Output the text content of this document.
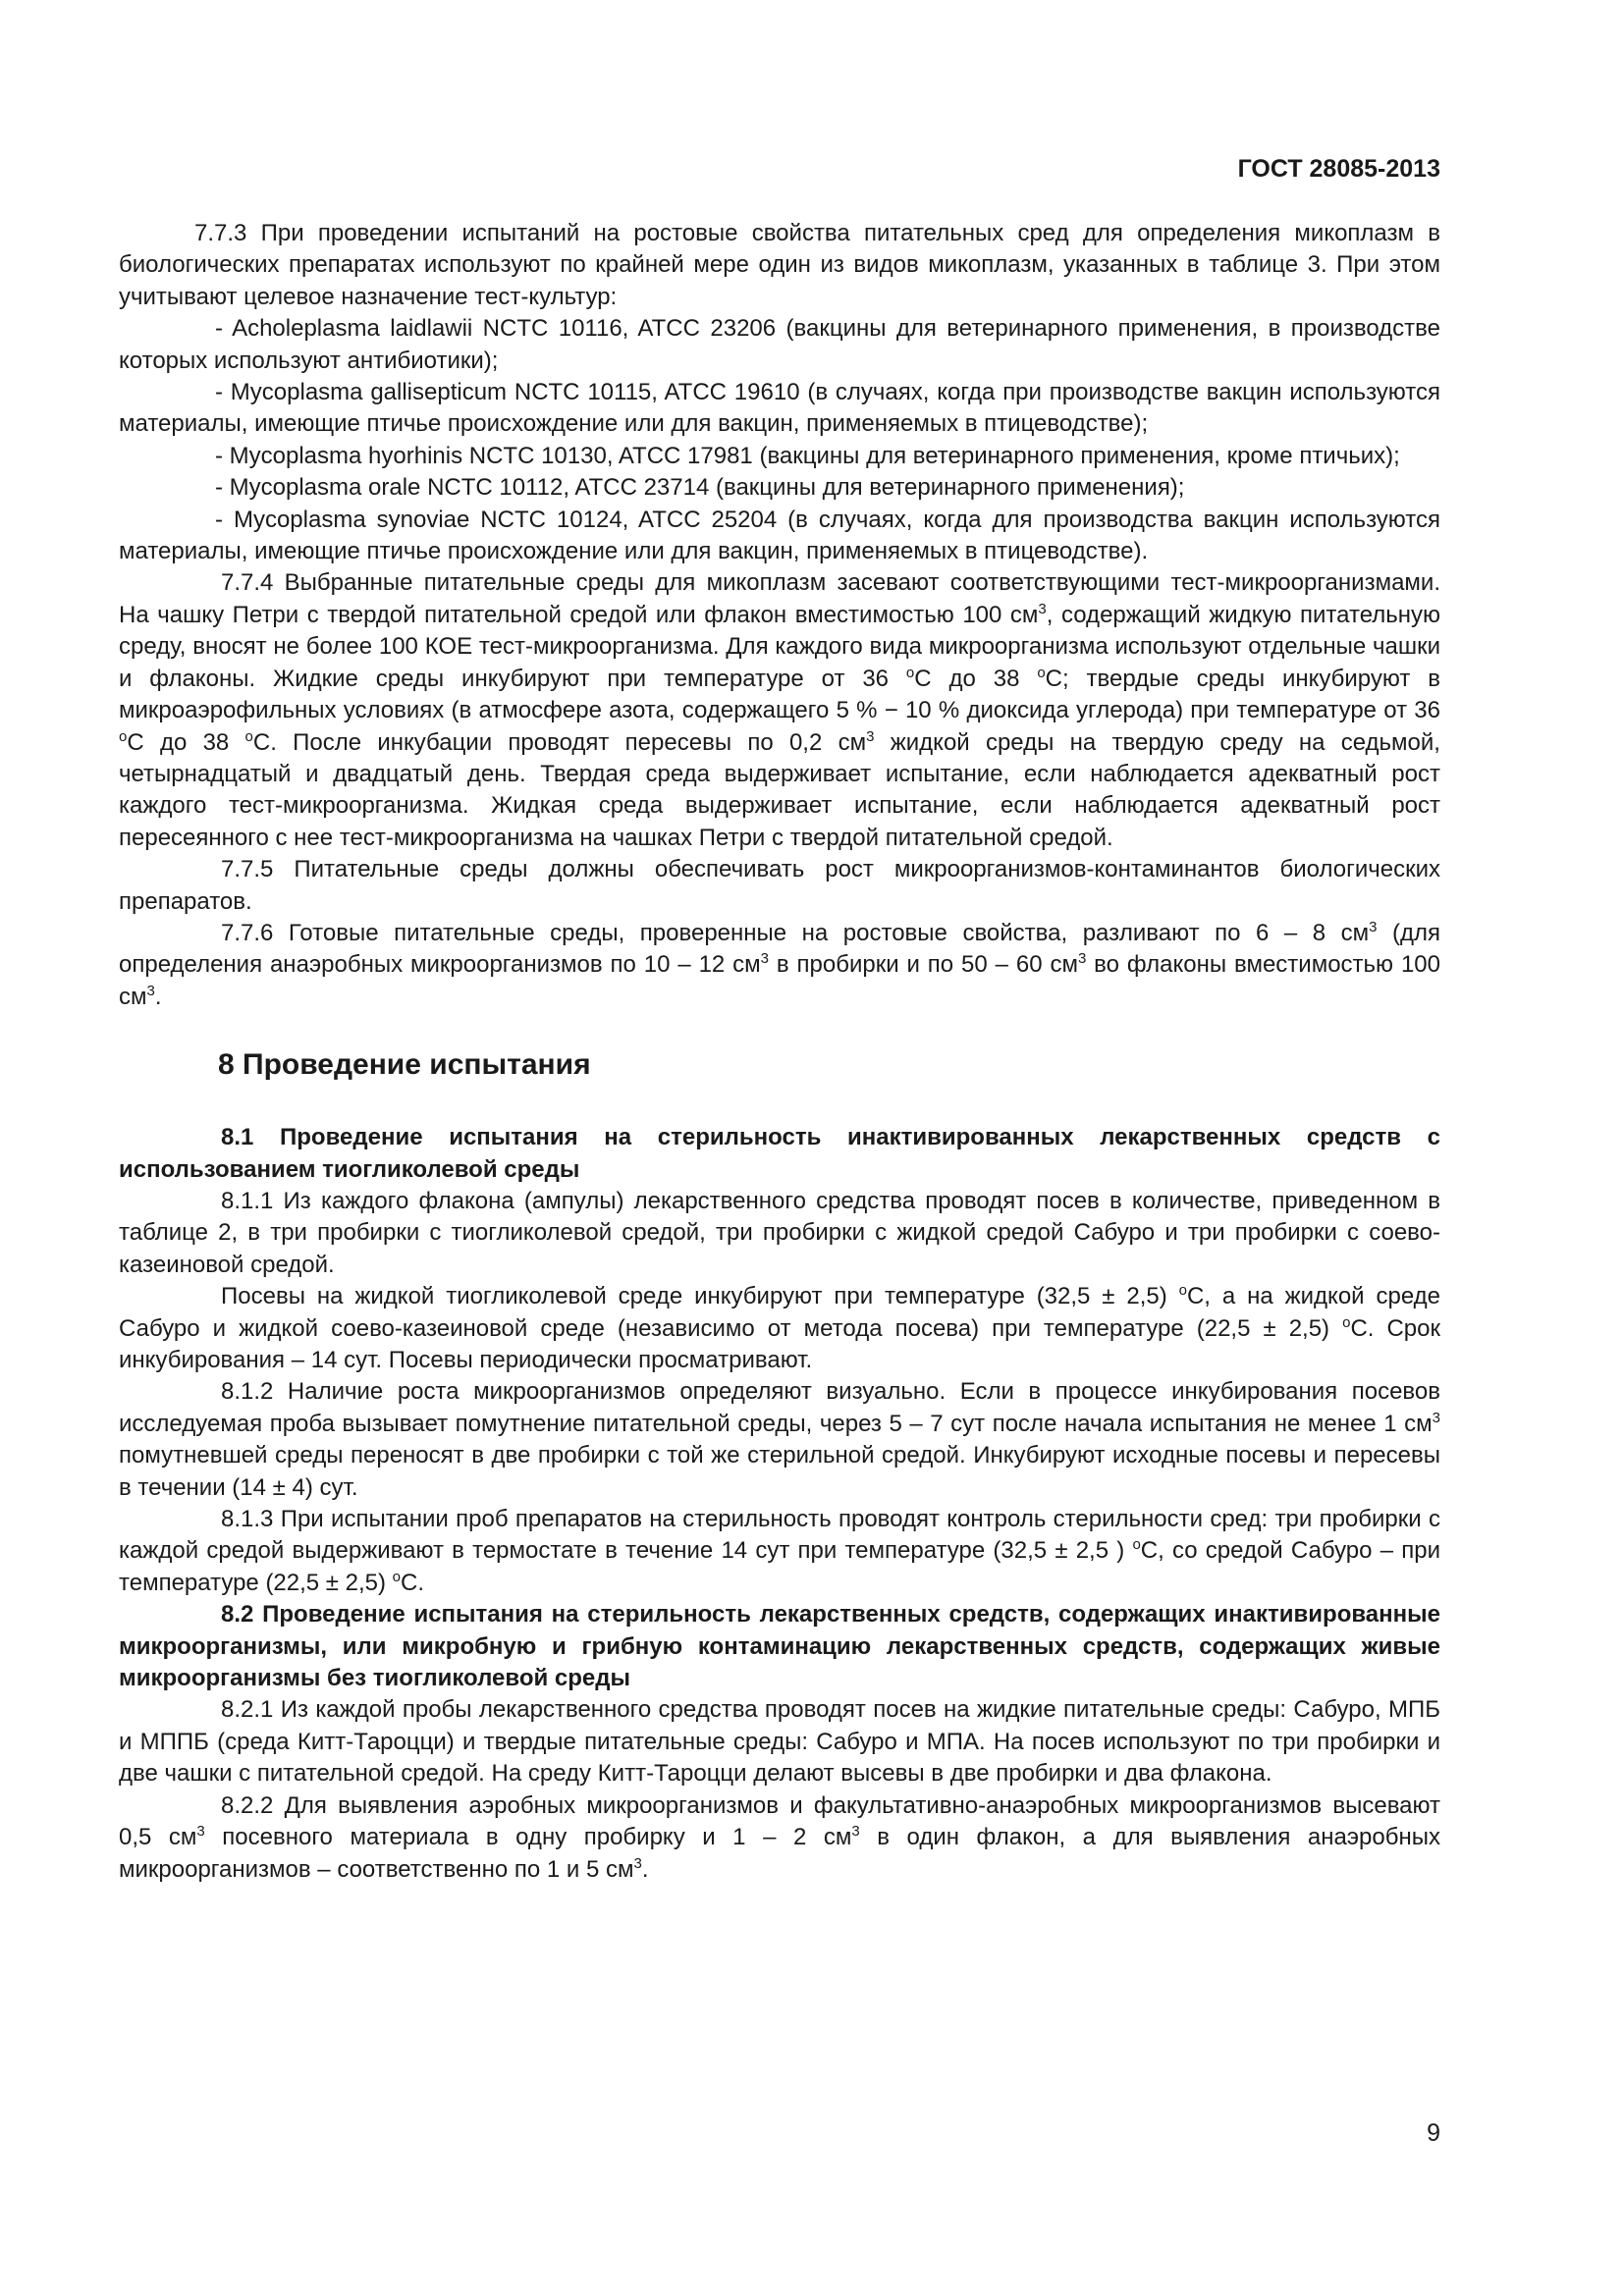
ГОСТ 28085-2013

7.7.3 При проведении испытаний на ростовые свойства питательных сред для определения микоплазм в биологических препаратах используют по крайней мере один из видов микоплазм, указанных в таблице 3. При этом учитывают целевое назначение тест-культур:

- Acholeplasma laidlawii NCTC 10116, ATCC 23206 (вакцины для ветеринарного применения, в производстве которых используют антибиотики);

- Mycoplasma gallisepticum NCTC 10115, ATCC 19610 (в случаях, когда при производстве вакцин используются материалы, имеющие птичье происхождение или для вакцин, применяемых в птицеводстве);

- Mycoplasma hyorhinis NCTC 10130, ATCC 17981 (вакцины для ветеринарного применения, кроме птичьих);

- Mycoplasma orale NCTC 10112, ATCC 23714 (вакцины для ветеринарного применения);

- Mycoplasma synoviae NCTC 10124, ATCC 25204 (в случаях, когда для производства вакцин используются материалы, имеющие птичье происхождение или для вакцин, применяемых в птицеводстве).

7.7.4 Выбранные питательные среды для микоплазм засевают соответствующими тест-микроорганизмами. На чашку Петри с твердой питательной средой или флакон вместимостью 100 $см^3$, содержащий жидкую питательную среду, вносят не более 100 КОЕ тест-микроорганизма. Для каждого вида микроорганизма используют отдельные чашки и флаконы. Жидкие среды инкубируют при температуре от 36 $^o$С до 38 $^o$С; твердые среды инкубируют в микроаэрофильных условиях (в атмосфере азота, содержащего 5 % − 10 % диоксида углерода) при температуре от 36 $^o$С до 38 $^o$С. После инкубации проводят пересевы по 0,2 $см^3$ жидкой среды на твердую среду на седьмой, четырнадцатый и двадцатый день. Твердая среда выдерживает испытание, если наблюдается адекватный рост каждого тест-микроорганизма. Жидкая среда выдерживает испытание, если наблюдается адекватный рост пересеянного с нее тест-микроорганизма на чашках Петри с твердой питательной средой.

7.7.5 Питательные среды должны обеспечивать рост микроорганизмов-контаминантов биологических препаратов.

7.7.6 Готовые питательные среды, проверенные на ростовые свойства, разливают по 6 – 8 $см^3$ (для определения анаэробных микроорганизмов по 10 – 12 $см^3$ в пробирки и по 50 – 60 $см^3$ во флаконы вместимостью 100 $см^3$.

8 Проведение испытания

8.1 Проведение испытания на стерильность инактивированных лекарственных средств с использованием тиогликолевой среды

8.1.1 Из каждого флакона (ампулы) лекарственного средства проводят посев в количестве, приведенном в таблице 2, в три пробирки с тиогликолевой средой, три пробирки с жидкой средой Сабуро и три пробирки с соево-казеиновой средой.

Посевы на жидкой тиогликолевой среде инкубируют при температуре (32,5 ± 2,5) $^o$С, а на жидкой среде Сабуро и жидкой соево-казеиновой среде (независимо от метода посева) при температуре (22,5 ± 2,5) $^o$С. Срок инкубирования – 14 сут. Посевы периодически просматривают.

8.1.2 Наличие роста микроорганизмов определяют визуально. Если в процессе инкубирования посевов исследуемая проба вызывает помутнение питательной среды, через 5 – 7 сут после начала испытания не менее 1 $см^3$ помутневшей среды переносят в две пробирки с той же стерильной средой. Инкубируют исходные посевы и пересевы в течении (14 ± 4) сут.

8.1.3 При испытании проб препаратов на стерильность проводят контроль стерильности сред: три пробирки с каждой средой выдерживают в термостате в течение 14 сут при температуре (32,5 ± 2,5 ) $^o$С, со средой Сабуро – при температуре (22,5 ± 2,5) $^o$С.

8.2 Проведение испытания на стерильность лекарственных средств, содержащих инактивированные микроорганизмы, или микробную и грибную контаминацию лекарственных средств, содержащих живые микроорганизмы без тиогликолевой среды

8.2.1 Из каждой пробы лекарственного средства проводят посев на жидкие питательные среды: Сабуро, МПБ и МППБ (среда Китт-Тароцци) и твердые питательные среды: Сабуро и МПА. На посев используют по три пробирки и две чашки с питательной средой. На среду Китт-Тароцци делают высевы в две пробирки и два флакона.

8.2.2 Для выявления аэробных микроорганизмов и факультативно-анаэробных микроорганизмов высевают 0,5 $см^3$ посевного материала в одну пробирку и 1 – 2 $см^3$ в один флакон, а для выявления анаэробных микроорганизмов – соответственно по 1 и 5 $см^3$.

9
